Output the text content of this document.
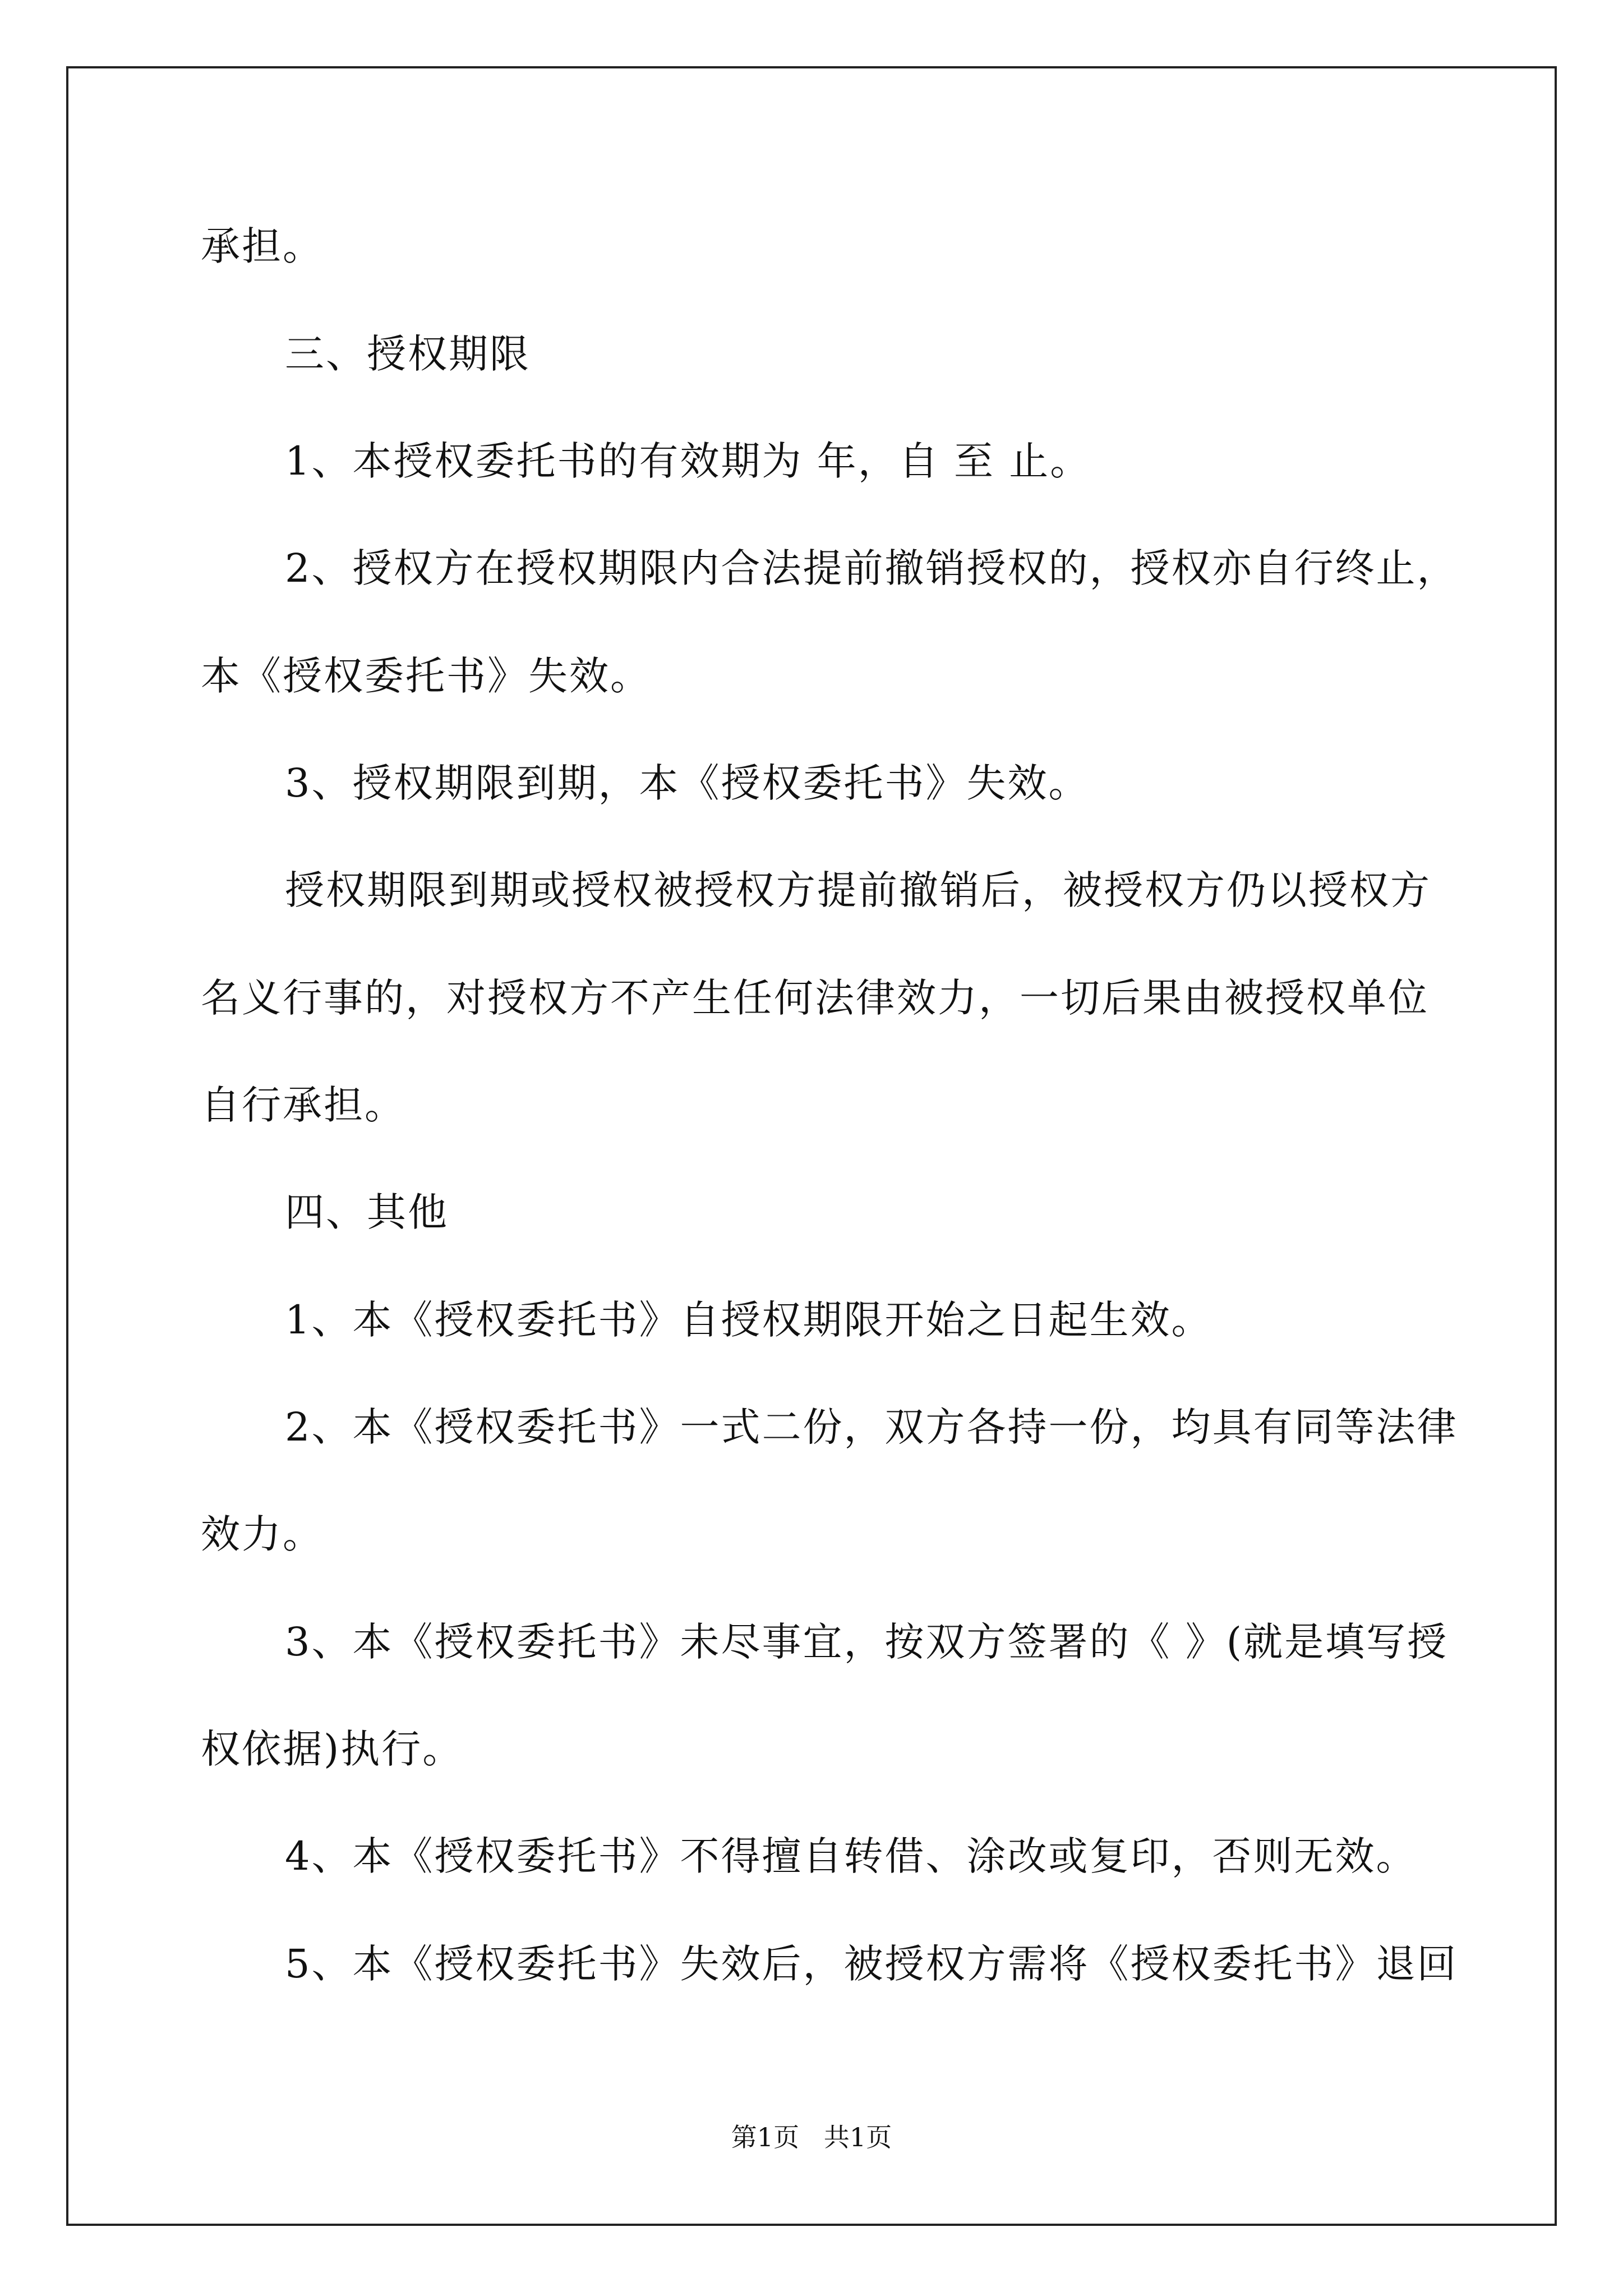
承担。
三、授权期限
1、本授权委托书的有效期为 年，自 至 止。
2、授权方在授权期限内合法提前撤销授权的，授权亦自行终止，
本《授权委托书》失效。
3、授权期限到期，本《授权委托书》失效。
授权期限到期或授权被授权方提前撤销后，被授权方仍以授权方
名义行事的，对授权方不产生任何法律效力，一切后果由被授权单位
自行承担。
四、其他
1、本《授权委托书》自授权期限开始之日起生效。
2、本《授权委托书》一式二份，双方各持一份，均具有同等法律
效力。
3、本《授权委托书》未尽事宜，按双方签署的《 》(就是填写授
权依据)执行。
4、本《授权委托书》不得擅自转借、涂改或复印，否则无效。
5、本《授权委托书》失效后，被授权方需将《授权委托书》退回
第1页   共1页
